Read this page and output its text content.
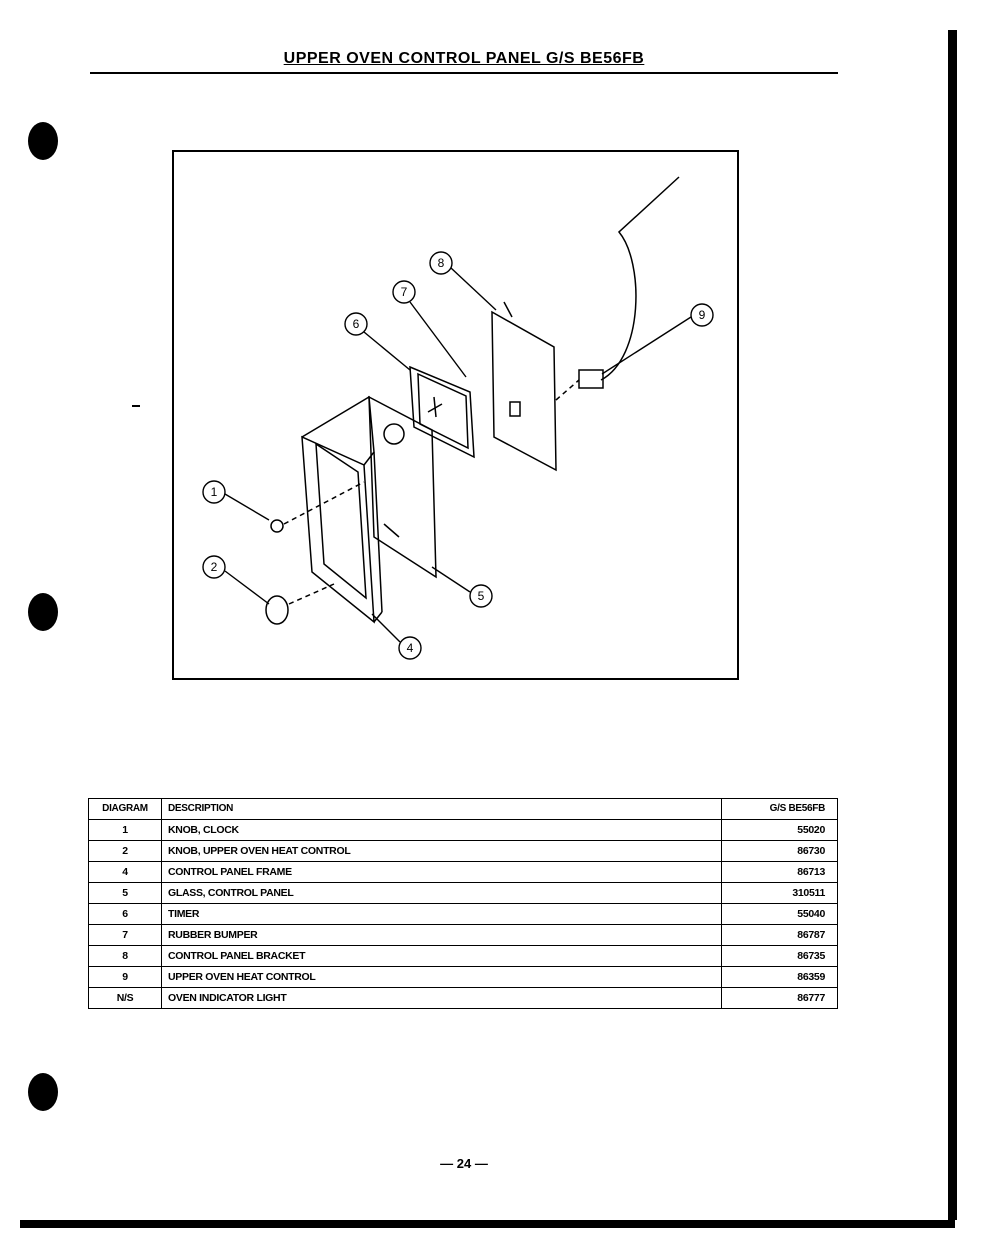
UPPER OVEN CONTROL PANEL G/S BE56FB
1
2
4
5
6
7
8
9
DIAGRAM	DESCRIPTION	G/S BE56FB
1	KNOB, CLOCK	55020
2	KNOB, UPPER OVEN HEAT CONTROL	86730
4	CONTROL PANEL FRAME	86713
5	GLASS, CONTROL PANEL	310511
6	TIMER	55040
7	RUBBER BUMPER	86787
8	CONTROL PANEL BRACKET	86735
9	UPPER OVEN HEAT CONTROL	86359
N/S	OVEN INDICATOR LIGHT	86777
— 24 —
